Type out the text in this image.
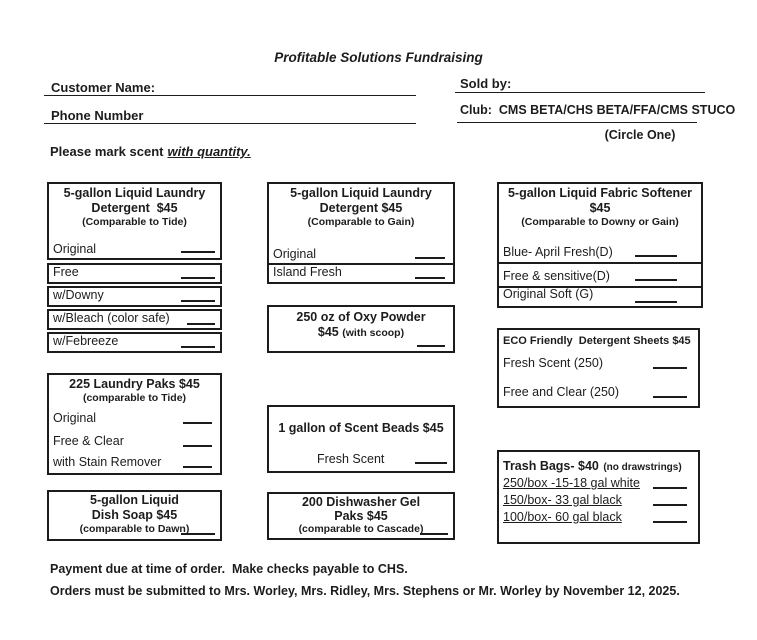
Profitable Solutions Fundraising
Customer Name:	Sold by:
Phone Number	Club:  CMS BETA/CHS BETA/FFA/CMS STUCO
(Circle One)
Please mark scent with quantity.
5-gallon Liquid Laundry
Detergent  $45
(Comparable to Tide)
Original
Free
w/Downy
w/Bleach (color safe)
w/Febreeze
225 Laundry Paks $45
(comparable to Tide)
Original
Free & Clear
with Stain Remover
5-gallon Liquid
Dish Soap $45
(comparable to Dawn)
5-gallon Liquid Laundry
Detergent $45
(Comparable to Gain)
Original
Island Fresh
250 oz of Oxy Powder
$45 (with scoop)
1 gallon of Scent Beads $45
Fresh Scent
200 Dishwasher Gel
Paks $45
(comparable to Cascade)
5-gallon Liquid Fabric Softener
$45
(Comparable to Downy or Gain)
Blue- April Fresh(D)
Free & sensitive(D)
Original Soft (G)
ECO Friendly  Detergent Sheets $45
Fresh Scent (250)
Free and Clear (250)
Trash Bags- $40 (no drawstrings)
250/box -15-18 gal white
150/box- 33 gal black
100/box- 60 gal black
Payment due at time of order.  Make checks payable to CHS.
Orders must be submitted to Mrs. Worley, Mrs. Ridley, Mrs. Stephens or Mr. Worley by November 12, 2025.
